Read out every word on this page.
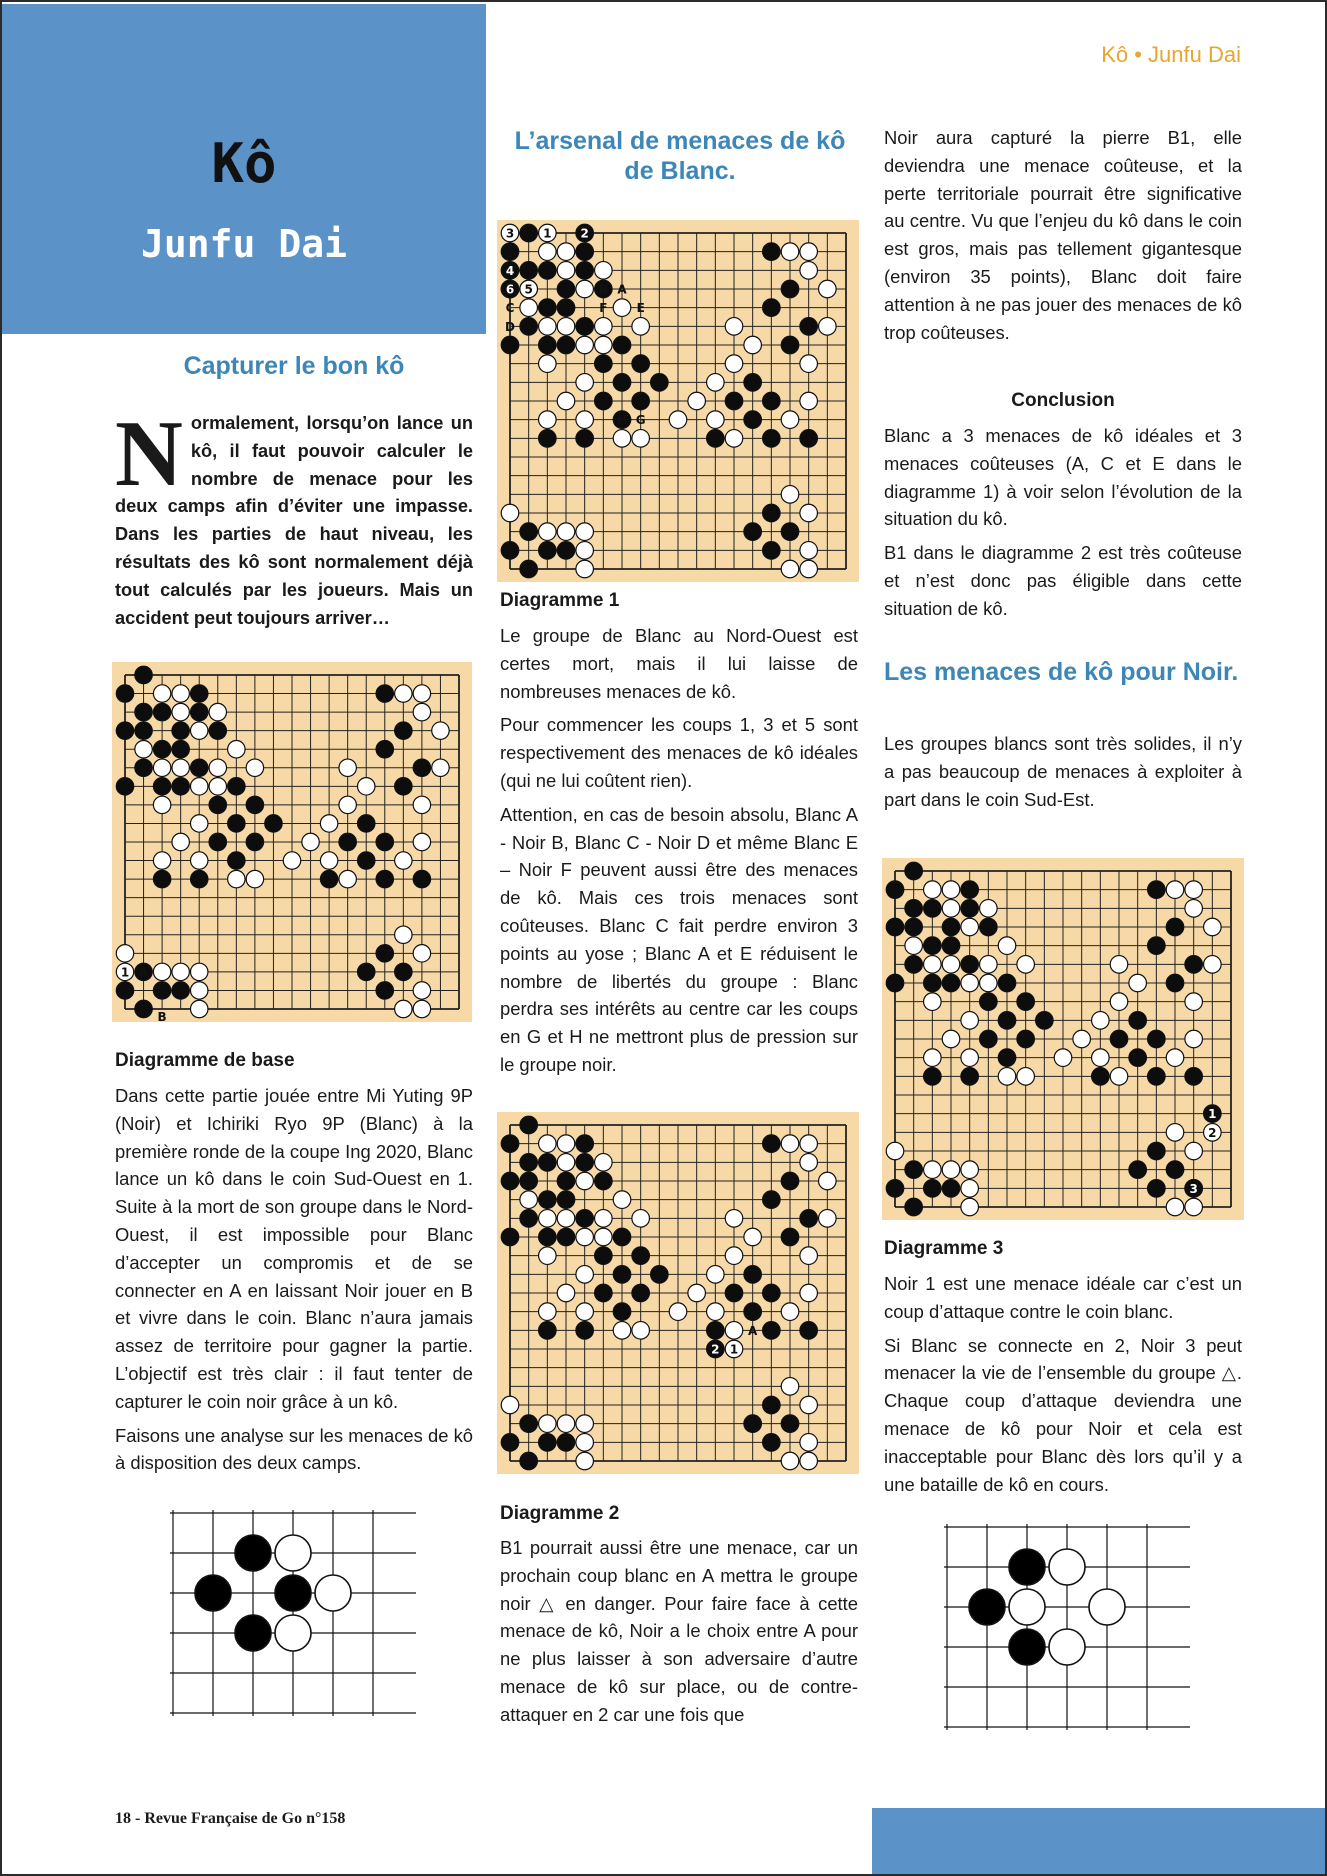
Kô
Junfu Dai
Kô • Junfu Dai
Capturer le bon kô
Normalement, lorsqu’on lance un kô, il faut pouvoir calculer le nombre de menace pour les deux camps afin d’éviter une impasse. Dans les parties de haut niveau, les résultats des kô sont normalement déjà tout calculés par les joueurs. Mais un accident peut toujours arriver…
1 A
B
Diagramme de base

Dans cette partie jouée entre Mi Yuting 9P (Noir) et Ichiriki Ryo 9P (Blanc) à la première ronde de la coupe Ing 2020, Blanc lance un kô dans le coin Sud-Ouest en 1. Suite à la mort de son groupe dans le Nord-Ouest, il est impossible pour Blanc d’accepter un compromis et de se connecter en A en laissant Noir jouer en B et vivre dans le coin. Blanc n’aura jamais assez de territoire pour gagner la partie. L’objectif est très clair : il faut tenter de capturer le coin noir grâce à un kô.

Faisons une analyse sur les menaces de kô à disposition des deux camps.

L’arsenal de menaces de kô de Blanc.
3 1 2
4
6 5
C
D
B A
F E
H G
Diagramme 1

Le groupe de Blanc au Nord-Ouest est certes mort, mais il lui laisse de nombreuses menaces de kô.

Pour commencer les coups 1, 3 et 5 sont respectivement des menaces de kô idéales (qui ne lui coûtent rien).

Attention, en cas de besoin absolu, Blanc A - Noir B, Blanc C - Noir D et même Blanc E – Noir F peuvent aussi être des menaces de kô. Mais ces trois menaces sont coûteuses. Blanc C fait perdre environ 3 points au yose ; Blanc A et E réduisent le nombre de libertés du groupe : Blanc perdra ses intérêts au centre car les coups en G et H ne mettront plus de pression sur le groupe noir.

2 1
A
Diagramme 2

B1 pourrait aussi être une menace, car un prochain coup blanc en A mettra le groupe noir △ en danger. Pour faire face à cette menace de kô, Noir a le choix entre A pour ne plus laisser à son adversaire d’autre menace de kô sur place, ou de contre-attaquer en 2 car une fois que

Noir aura capturé la pierre B1, elle deviendra une menace coûteuse, et la perte territoriale pourrait être significative au centre. Vu que l’enjeu du kô dans le coin est gros, mais pas tellement gigantesque (environ 35 points), Blanc doit faire attention à ne pas jouer des menaces de kô trop coûteuses.

Conclusion

Blanc a 3 menaces de kô idéales et 3 menaces coûteuses (A, C et E dans le diagramme 1) à voir selon l’évolution de la situation du kô.

B1 dans le diagramme 2 est très coûteuse et n’est donc pas éligible dans cette situation de kô.

Les menaces de kô pour Noir.

Les groupes blancs sont très solides, il n’y a pas beaucoup de menaces à exploiter à part dans le coin Sud-Est.

1
2
3
Diagramme 3

Noir 1 est une menace idéale car c’est un coup d’attaque contre le coin blanc.

Si Blanc se connecte en 2, Noir 3 peut menacer la vie de l’ensemble du groupe △. Chaque coup d’attaque deviendra une menace de kô pour Noir et cela est inacceptable pour Blanc dès lors qu’il y a une bataille de kô en cours.

18 - Revue Française de Go n°158
